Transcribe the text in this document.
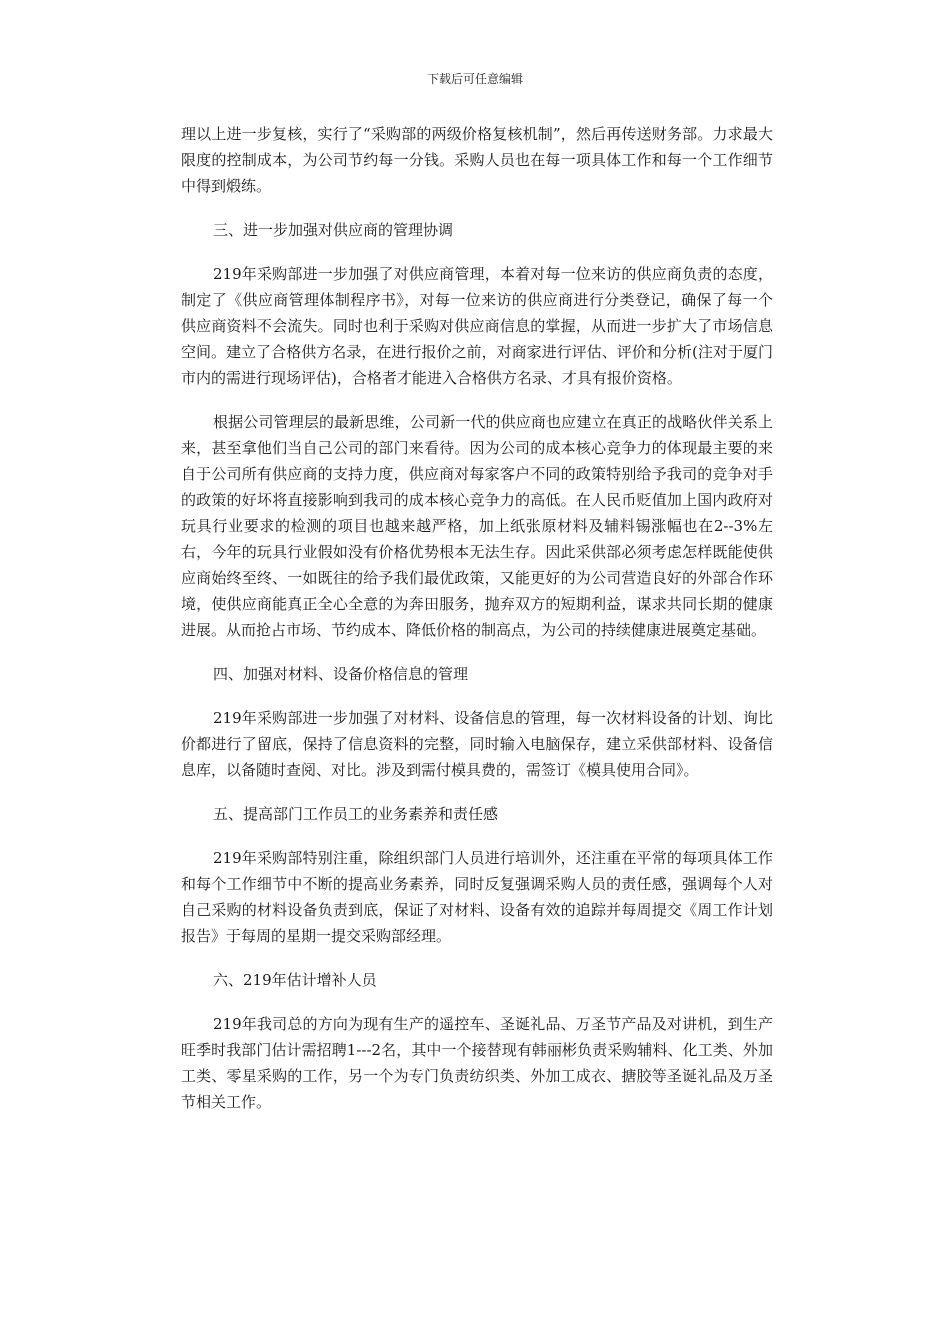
下载后可任意编辑

理以上进一步复核，实行了“采购部的两级价格复核机制”，然后再传送财务部。力求最大限度的控制成本，为公司节约每一分钱。采购人员也在每一项具体工作和每一个工作细节中得到煅练。

三、进一步加强对供应商的管理协调

219年采购部进一步加强了对供应商管理，本着对每一位来访的供应商负责的态度，制定了《供应商管理体制程序书》，对每一位来访的供应商进行分类登记，确保了每一个供应商资料不会流失。同时也利于采购对供应商信息的掌握，从而进一步扩大了市场信息空间。建立了合格供方名录，在进行报价之前，对商家进行评估、评价和分析(注对于厦门市内的需进行现场评估)，合格者才能进入合格供方名录、才具有报价资格。

根据公司管理层的最新思维，公司新一代的供应商也应建立在真正的战略伙伴关系上来，甚至拿他们当自己公司的部门来看待。因为公司的成本核心竞争力的体现最主要的来自于公司所有供应商的支持力度，供应商对每家客户不同的政策特别给予我司的竞争对手的政策的好坏将直接影响到我司的成本核心竞争力的高低。在人民币贬值加上国内政府对玩具行业要求的检测的项目也越来越严格，加上纸张原材料及辅料锡涨幅也在2--3%左右，今年的玩具行业假如没有价格优势根本无法生存。因此采供部必须考虑怎样既能使供应商始终至终、一如既往的给予我们最优政策，又能更好的为公司营造良好的外部合作环境，使供应商能真正全心全意的为奔田服务，抛弃双方的短期利益，谋求共同长期的健康进展。从而抢占市场、节约成本、降低价格的制高点，为公司的持续健康进展奠定基础。

四、加强对材料、设备价格信息的管理

219年采购部进一步加强了对材料、设备信息的管理，每一次材料设备的计划、询比价都进行了留底，保持了信息资料的完整，同时输入电脑保存，建立采供部材料、设备信息库，以备随时查阅、对比。涉及到需付模具费的，需签订《模具使用合同》。

五、提高部门工作员工的业务素养和责任感

219年采购部特别注重，除组织部门人员进行培训外，还注重在平常的每项具体工作和每个工作细节中不断的提高业务素养，同时反复强调采购人员的责任感，强调每个人对自己采购的材料设备负责到底，保证了对材料、设备有效的追踪并每周提交《周工作计划报告》于每周的星期一提交采购部经理。

六、219年估计增补人员

219年我司总的方向为现有生产的遥控车、圣诞礼品、万圣节产品及对讲机，到生产旺季时我部门估计需招聘1---2名，其中一个接替现有韩丽彬负责采购辅料、化工类、外加工类、零星采购的工作，另一个为专门负责纺织类、外加工成衣、搪胶等圣诞礼品及万圣节相关工作。
